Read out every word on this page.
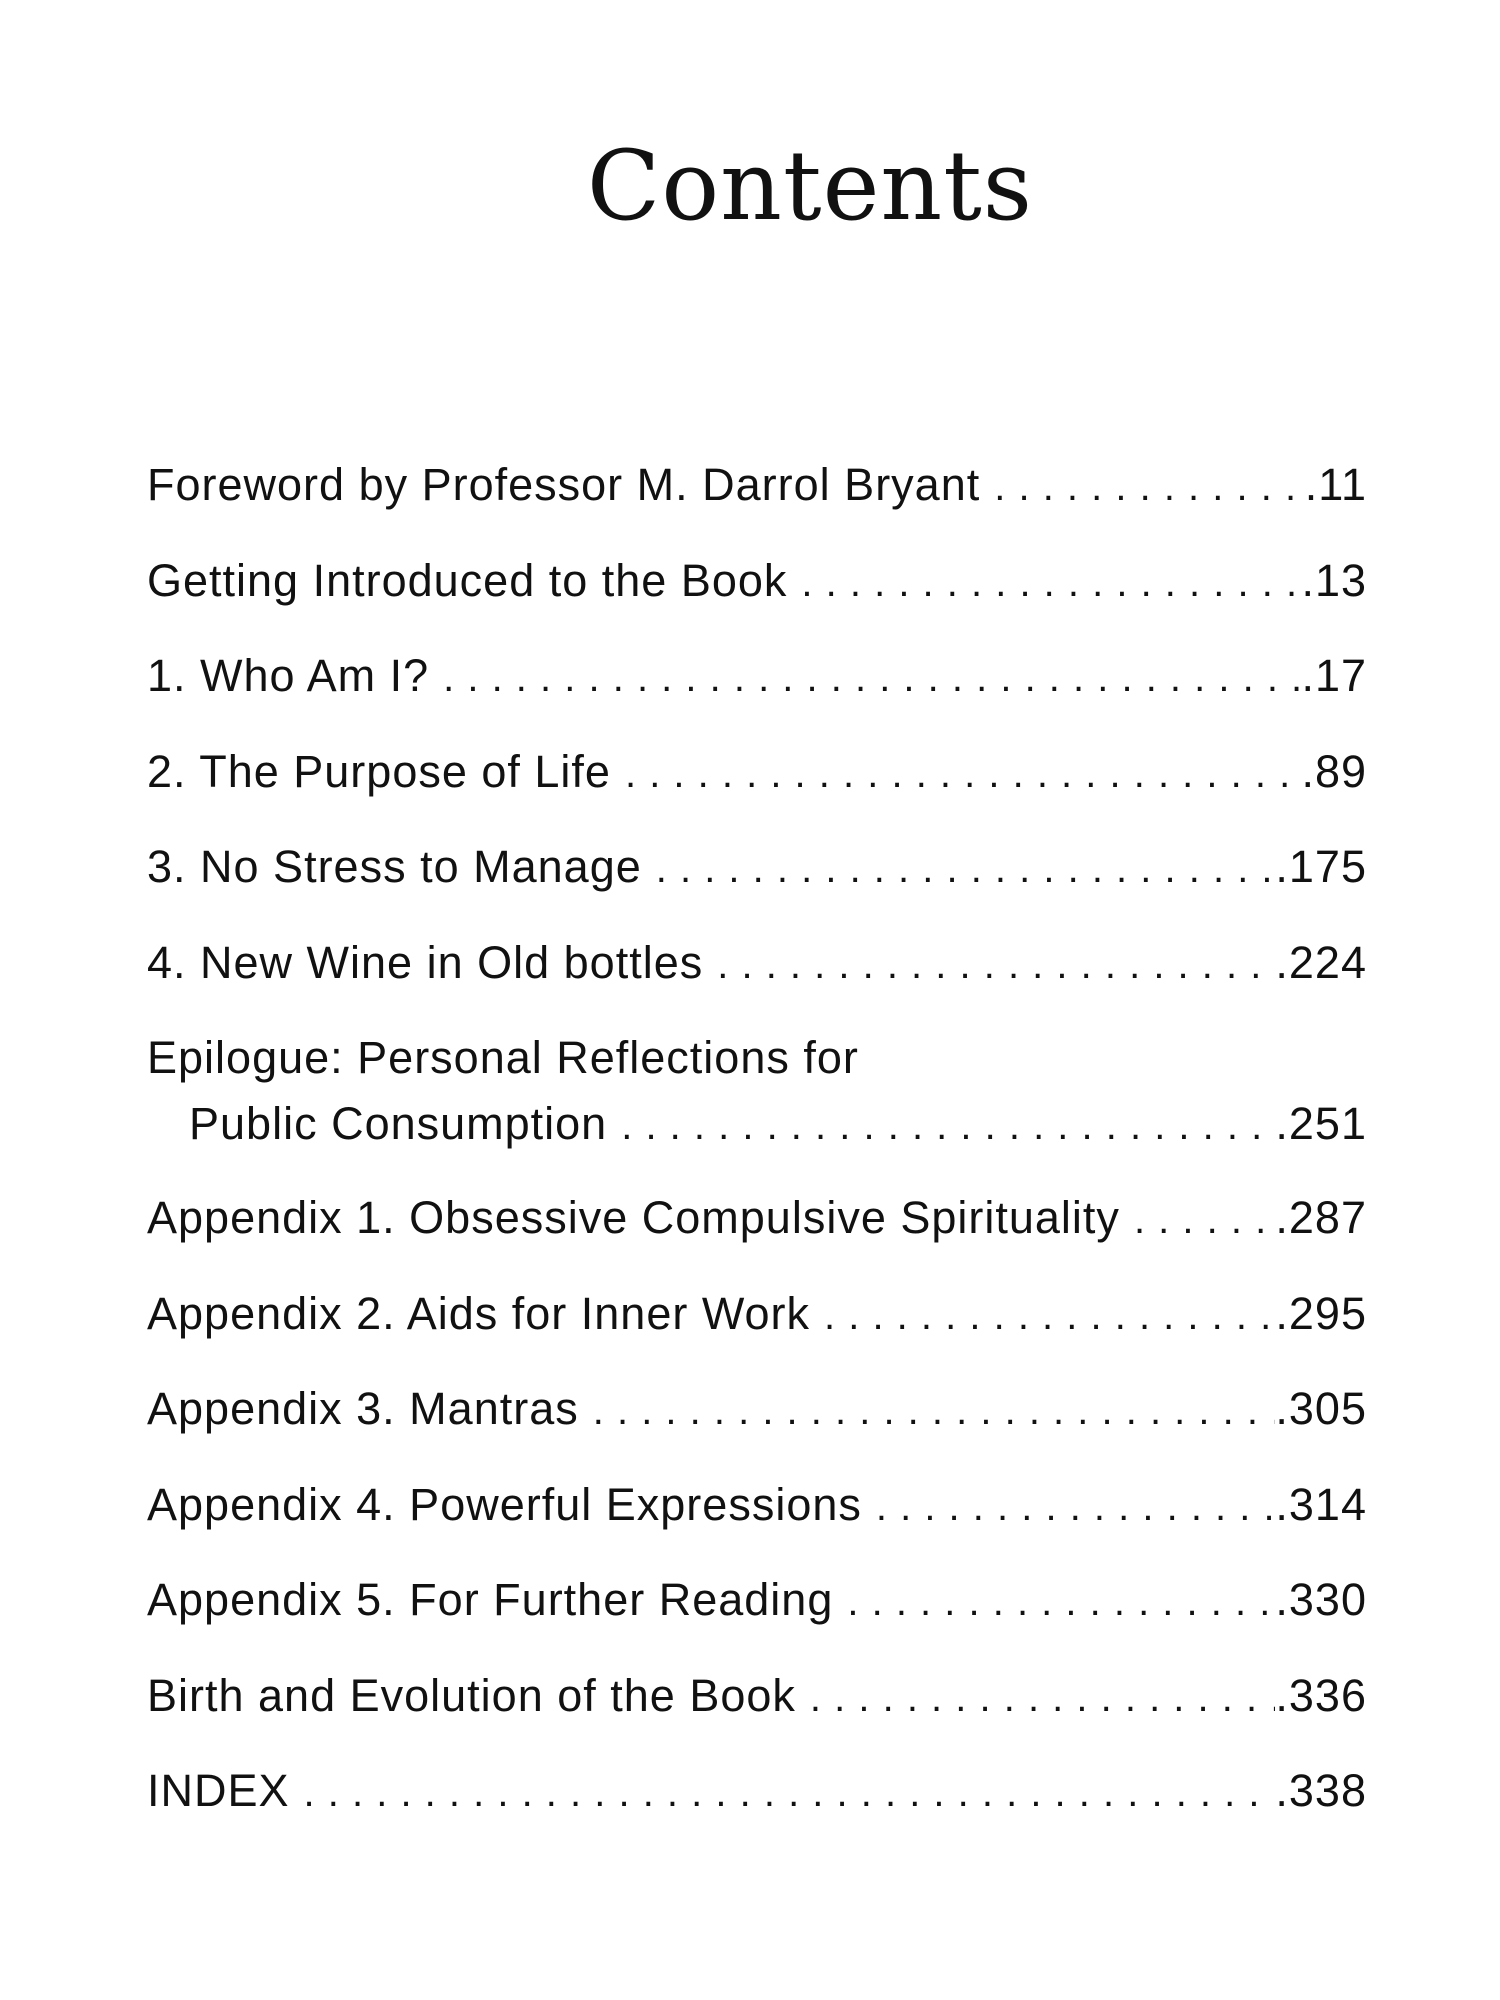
Contents
Foreword by Professor M. Darrol Bryant . . .	.11
Getting Introduced to the Book . . .	.13
1. Who Am I? . . .	.17
2. The Purpose of Life . . .	.89
3. No Stress to Manage . . .	.175
4. New Wine in Old bottles . . .	.224
Epilogue: Personal Reflections for
Public Consumption . . .	.251
Appendix 1. Obsessive Compulsive Spirituality . . .	.287
Appendix 2. Aids for Inner Work . . .	.295
Appendix 3. Mantras . . .	.305
Appendix 4. Powerful Expressions . . .	.314
Appendix 5. For Further Reading . . .	.330
Birth and Evolution of the Book . . .	.336
INDEX . . .	.338
